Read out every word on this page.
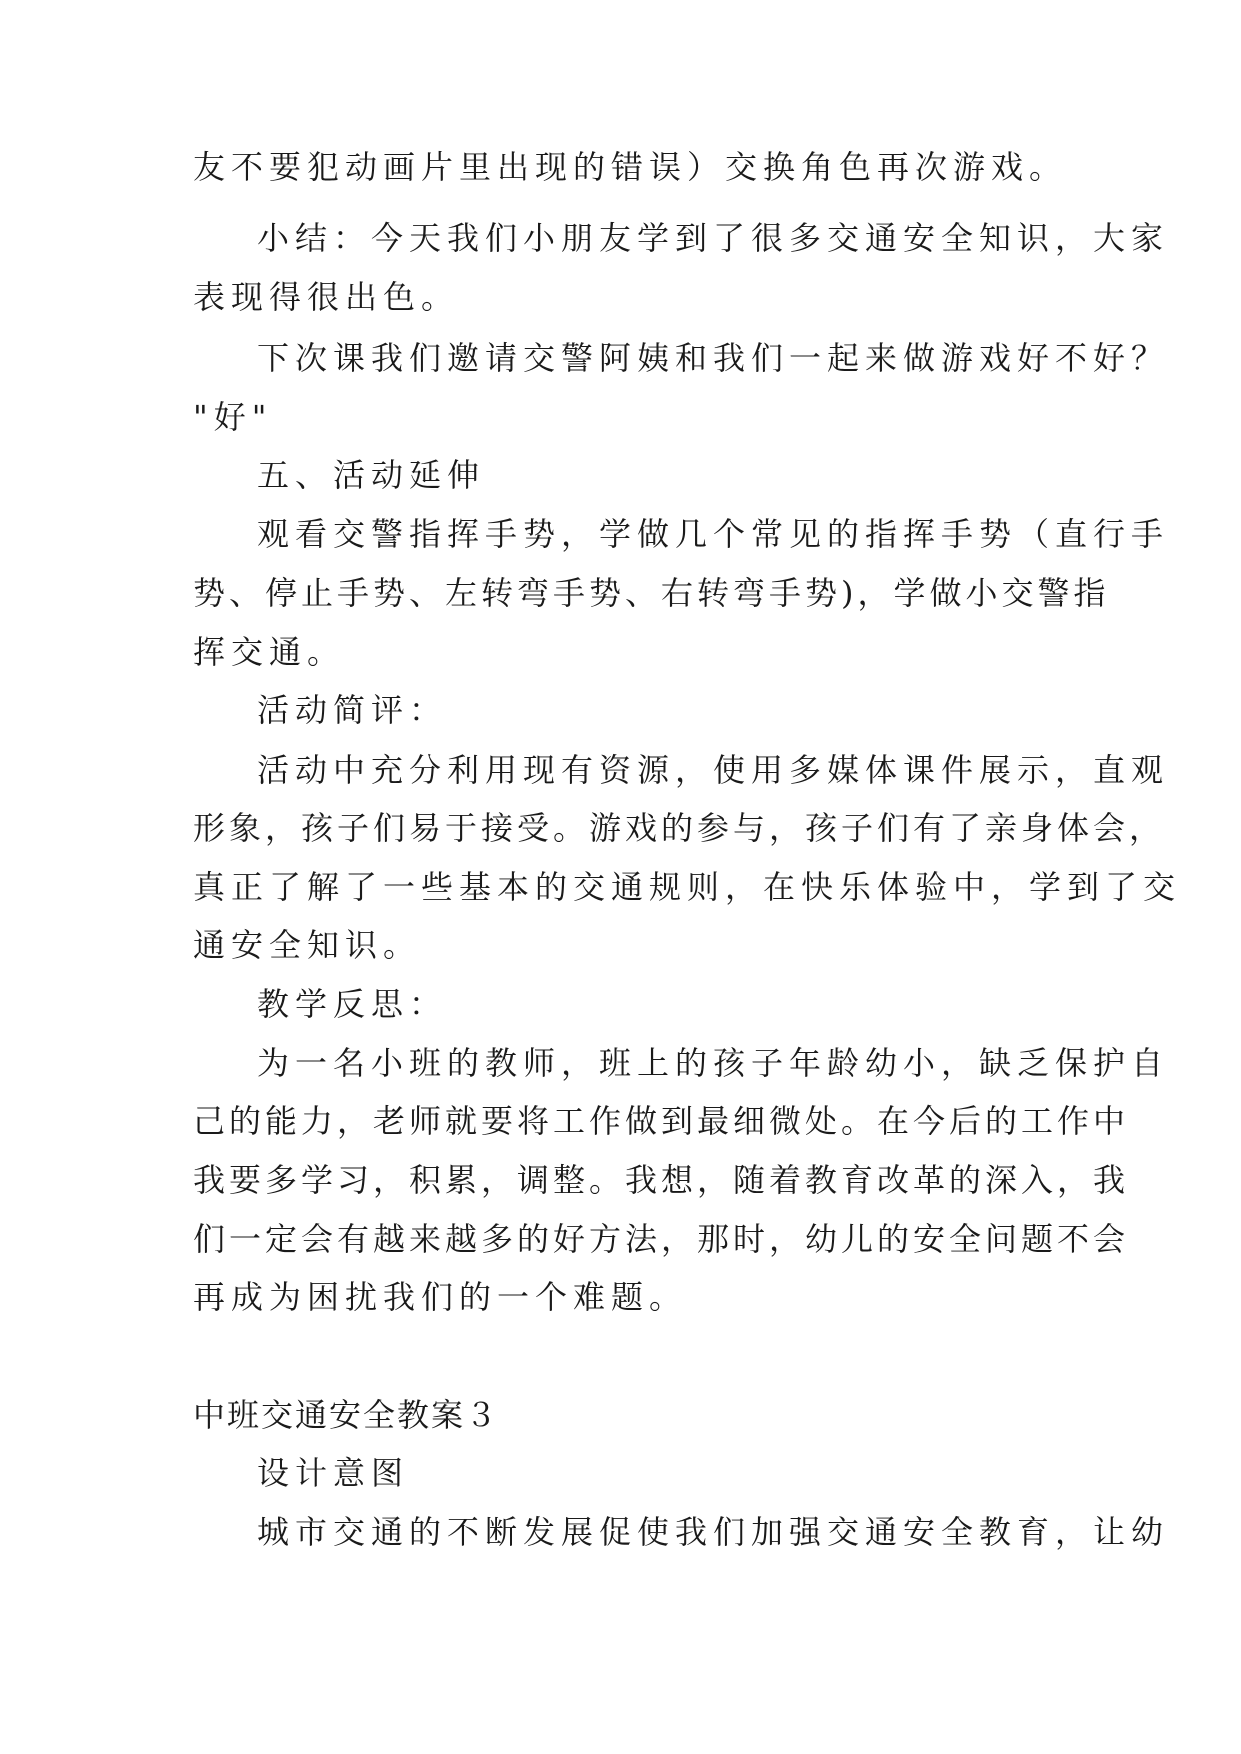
友不要犯动画片里出现的错误）交换角色再次游戏。
小结：今天我们小朋友学到了很多交通安全知识，大家
表现得很出色。
下次课我们邀请交警阿姨和我们一起来做游戏好不好？
"好"
五、活动延伸
观看交警指挥手势，学做几个常见的指挥手势（直行手
势、停止手势、左转弯手势、右转弯手势)，学做小交警指
挥交通。
活动简评：
活动中充分利用现有资源，使用多媒体课件展示，直观
形象，孩子们易于接受。游戏的参与，孩子们有了亲身体会，
真正了解了一些基本的交通规则，在快乐体验中，学到了交
通安全知识。
教学反思：
为一名小班的教师，班上的孩子年龄幼小，缺乏保护自
己的能力，老师就要将工作做到最细微处。在今后的工作中
我要多学习，积累，调整。我想，随着教育改革的深入，我
们一定会有越来越多的好方法，那时，幼儿的安全问题不会
再成为困扰我们的一个难题。
中班交通安全教案３
设计意图
城市交通的不断发展促使我们加强交通安全教育，让幼
